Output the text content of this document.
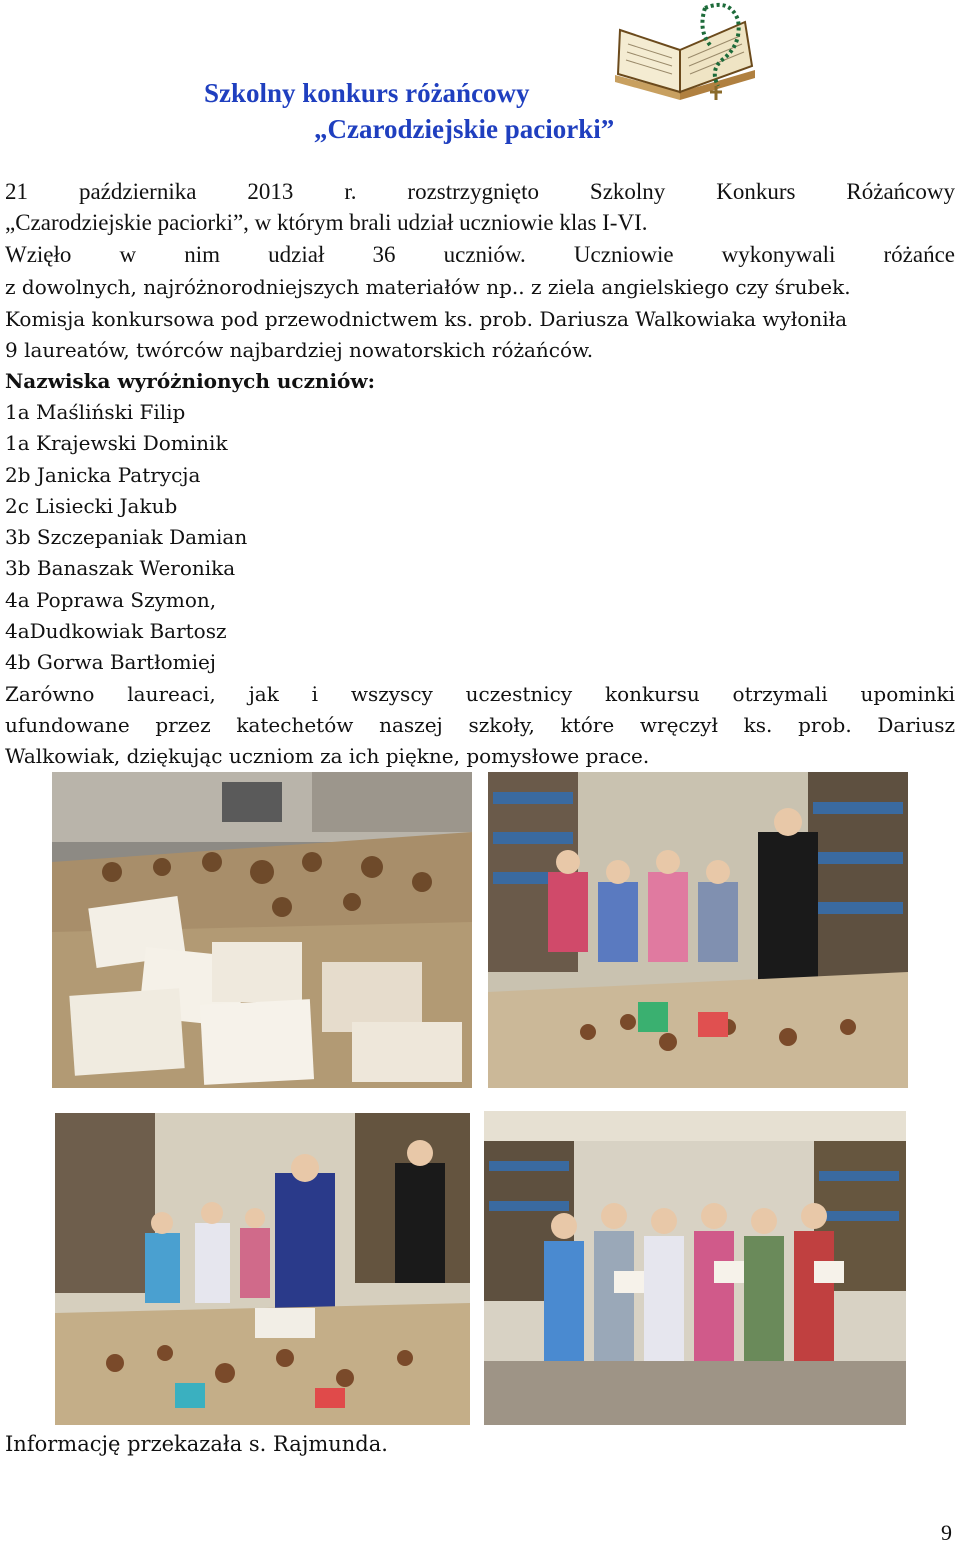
Szkolny konkurs różańcowy
„Czarodziejskie paciorki”
21 października 2013 r. rozstrzygnięto Szkolny Konkurs Różańcowy
„Czarodziejskie paciorki”, w którym brali udział uczniowie klas I-VI.
Wzięło w nim udział 36 uczniów. Uczniowie wykonywali różańce
z dowolnych, najróżnorodniejszych materiałów np.. z ziela angielskiego czy śrubek.
Komisja konkursowa pod przewodnictwem ks. prob. Dariusza Walkowiaka wyłoniła
9 laureatów, twórców najbardziej nowatorskich różańców.
Nazwiska wyróżnionych uczniów:
1a Maśliński Filip
1a Krajewski Dominik
2b Janicka Patrycja
2c Lisiecki Jakub
3b Szczepaniak Damian
3b Banaszak Weronika
4a Poprawa Szymon,
4aDudkowiak Bartosz
4b Gorwa Bartłomiej
Zarówno laureaci, jak i wszyscy uczestnicy konkursu otrzymali upominki
ufundowane przez katechetów naszej szkoły, które wręczył ks. prob. Dariusz
Walkowiak, dziękując uczniom za ich piękne, pomysłowe prace.
Informację przekazała s. Rajmunda.
9
